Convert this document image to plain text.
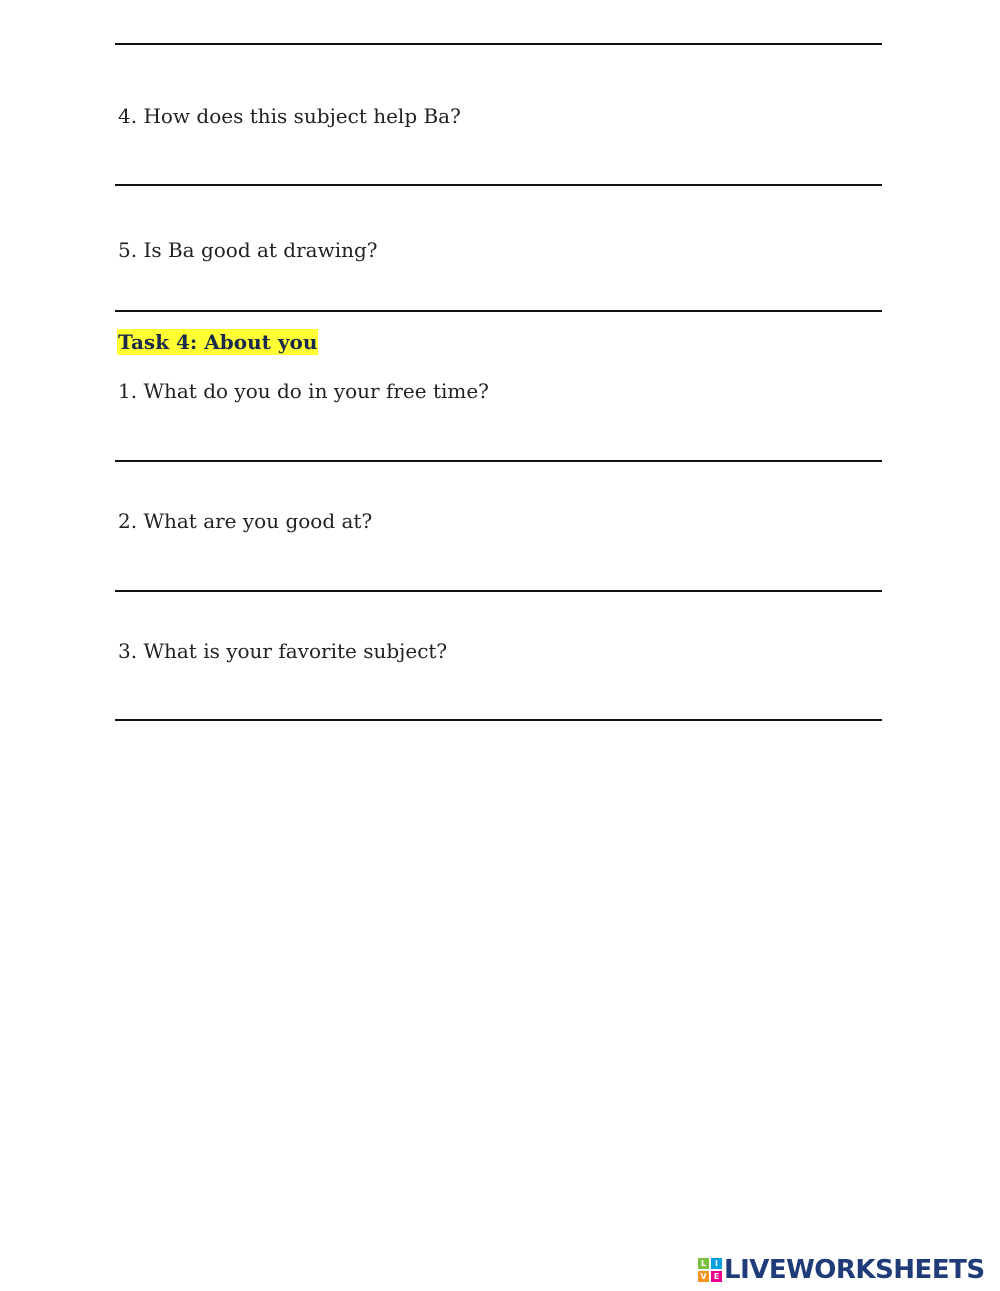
4. How does this subject help Ba?
5. Is Ba good at drawing?
Task 4: About you
1. What do you do in your free time?
2. What are you good at?
3. What is your favorite subject?
L	I
V E LIVEWORKSHEETS
